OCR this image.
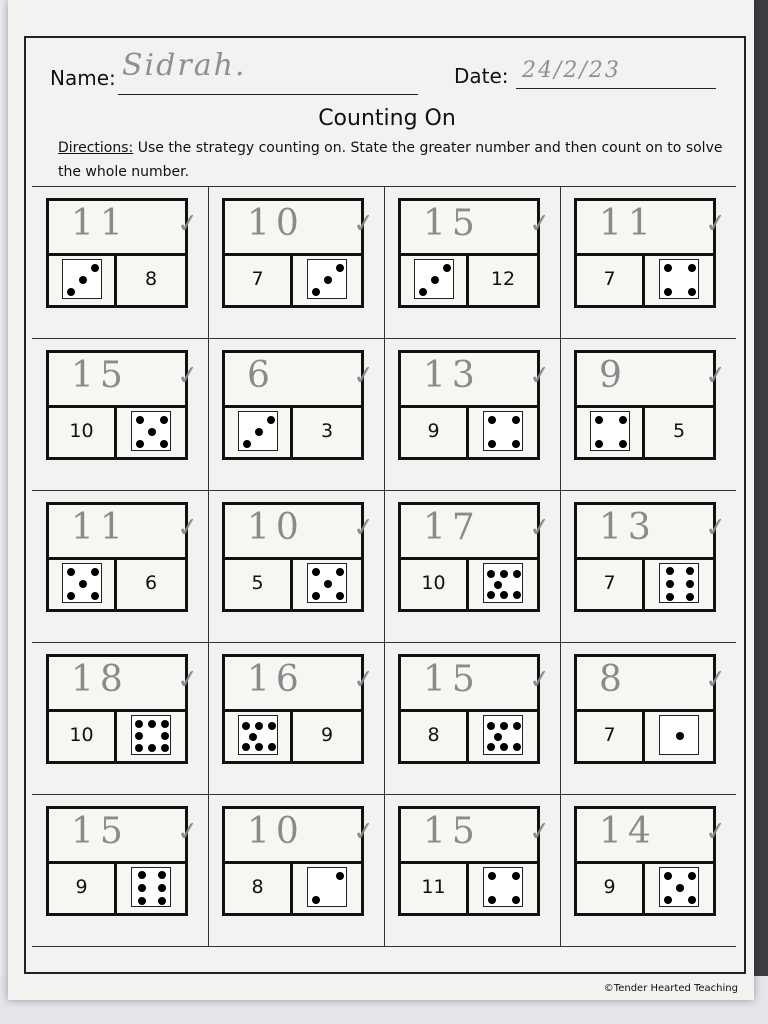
Name: Sidrah.	Date: 24/2/23
Counting On
Directions: Use the strategy counting on. State the greater number and then count on to solve the whole number.
11 ✓
8
10 ✓
7
15 ✓
12
11 ✓
7
15 ✓
10
6	✓
3
13 ✓
9
9	✓
5
11 ✓
6
10 ✓
5
17 ✓
10
13 ✓
7
18 ✓
10
16 ✓
9
15 ✓
8
8	✓
7
15 ✓
9
10 ✓
8
15 ✓
11
14 ✓
9
©Tender Hearted Teaching
